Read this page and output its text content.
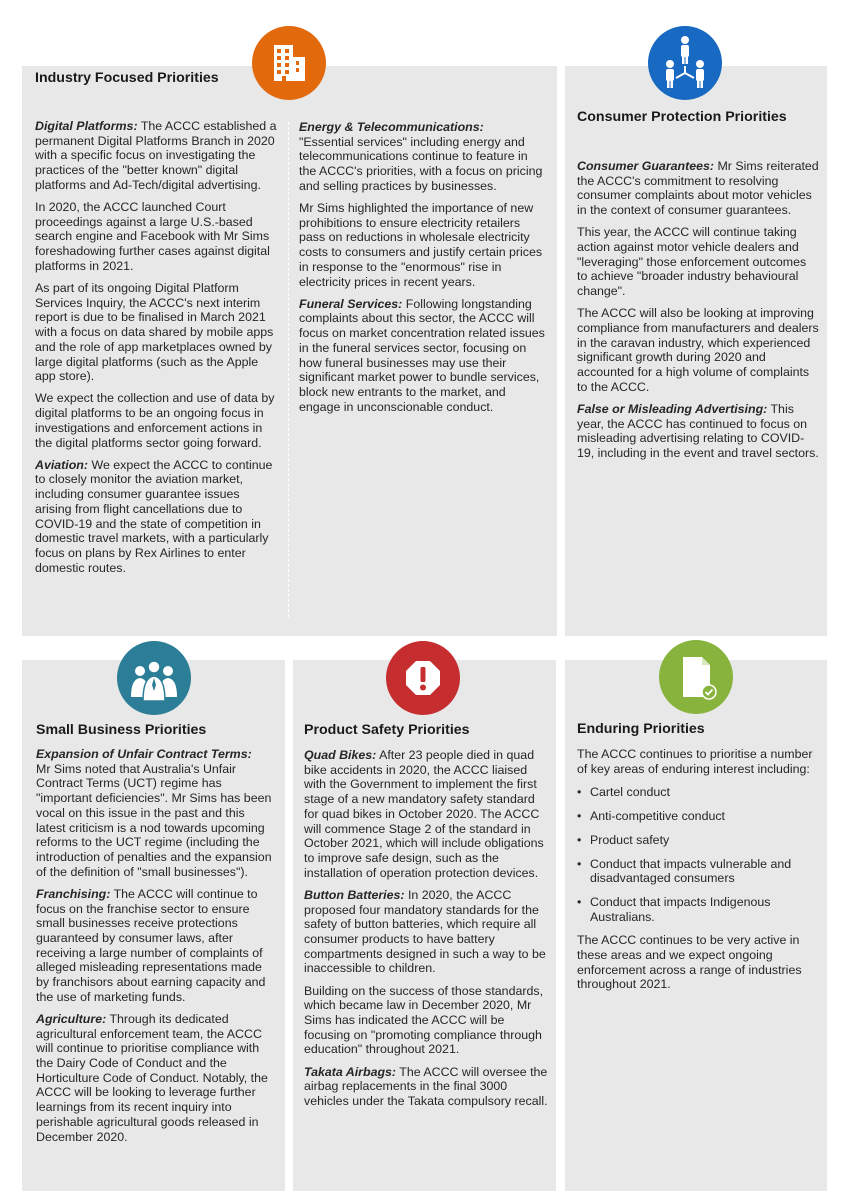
Industry Focused Priorities

Digital Platforms: The ACCC established a permanent Digital Platforms Branch in 2020 with a specific focus on investigating the practices of the "better known" digital platforms and Ad-Tech/digital advertising.

In 2020, the ACCC launched Court proceedings against a large U.S.-based search engine and Facebook with Mr Sims foreshadowing further cases against digital platforms in 2021.

As part of its ongoing Digital Platform Services Inquiry, the ACCC's next interim report is due to be finalised in March 2021 with a focus on data shared by mobile apps and the role of app marketplaces owned by large digital platforms (such as the Apple app store).

We expect the collection and use of data by digital platforms to be an ongoing focus in investigations and enforcement actions in the digital platforms sector going forward.

Aviation: We expect the ACCC to continue to closely monitor the aviation market, including consumer guarantee issues arising from flight cancellations due to COVID-19 and the state of competition in domestic travel markets, with a particularly focus on plans by Rex Airlines to enter domestic routes.

Energy & Telecommunications:
"Essential services" including energy and telecommunications continue to feature in the ACCC's priorities, with a focus on pricing and selling practices by businesses.

Mr Sims highlighted the importance of new prohibitions to ensure electricity retailers pass on reductions in wholesale electricity costs to consumers and justify certain prices in response to the "enormous" rise in electricity prices in recent years.

Funeral Services: Following longstanding complaints about this sector, the ACCC will focus on market concentration related issues in the funeral services sector, focusing on how funeral businesses may use their significant market power to bundle services, block new entrants to the market, and engage in unconscionable conduct.

Consumer Protection Priorities

Consumer Guarantees: Mr Sims reiterated the ACCC's commitment to resolving consumer complaints about motor vehicles in the context of consumer guarantees.

This year, the ACCC will continue taking action against motor vehicle dealers and "leveraging" those enforcement outcomes to achieve "broader industry behavioural change".

The ACCC will also be looking at improving compliance from manufacturers and dealers in the caravan industry, which experienced significant growth during 2020 and accounted for a high volume of complaints to the ACCC.

False or Misleading Advertising: This year, the ACCC has continued to focus on misleading advertising relating to COVID-19, including in the event and travel sectors.

Small Business Priorities

Expansion of Unfair Contract Terms:
Mr Sims noted that Australia's Unfair Contract Terms (UCT) regime has "important deficiencies". Mr Sims has been vocal on this issue in the past and this latest criticism is a nod towards upcoming reforms to the UCT regime (including the introduction of penalties and the expansion of the definition of "small businesses").

Franchising: The ACCC will continue to focus on the franchise sector to ensure small businesses receive protections guaranteed by consumer laws, after receiving a large number of complaints of alleged misleading representations made by franchisors about earning capacity and the use of marketing funds.

Agriculture: Through its dedicated agricultural enforcement team, the ACCC will continue to prioritise compliance with the Dairy Code of Conduct and the Horticulture Code of Conduct. Notably, the ACCC will be looking to leverage further learnings from its recent inquiry into perishable agricultural goods released in December 2020.

Product Safety Priorities

Quad Bikes: After 23 people died in quad bike accidents in 2020, the ACCC liaised with the Government to implement the first stage of a new mandatory safety standard for quad bikes in October 2020. The ACCC will commence Stage 2 of the standard in October 2021, which will include obligations to improve safe design, such as the installation of operation protection devices.

Button Batteries: In 2020, the ACCC proposed four mandatory standards for the safety of button batteries, which require all consumer products to have battery compartments designed in such a way to be inaccessible to children.

Building on the success of those standards, which became law in December 2020, Mr Sims has indicated the ACCC will be focusing on "promoting compliance through education" throughout 2021.

Takata Airbags: The ACCC will oversee the airbag replacements in the final 3000 vehicles under the Takata compulsory recall.

Enduring Priorities

The ACCC continues to prioritise a number of key areas of enduring interest including:

• Cartel conduct
• Anti-competitive conduct
• Product safety
• Conduct that impacts vulnerable and disadvantaged consumers
• Conduct that impacts Indigenous Australians.

The ACCC continues to be very active in these areas and we expect ongoing enforcement across a range of industries throughout 2021.
